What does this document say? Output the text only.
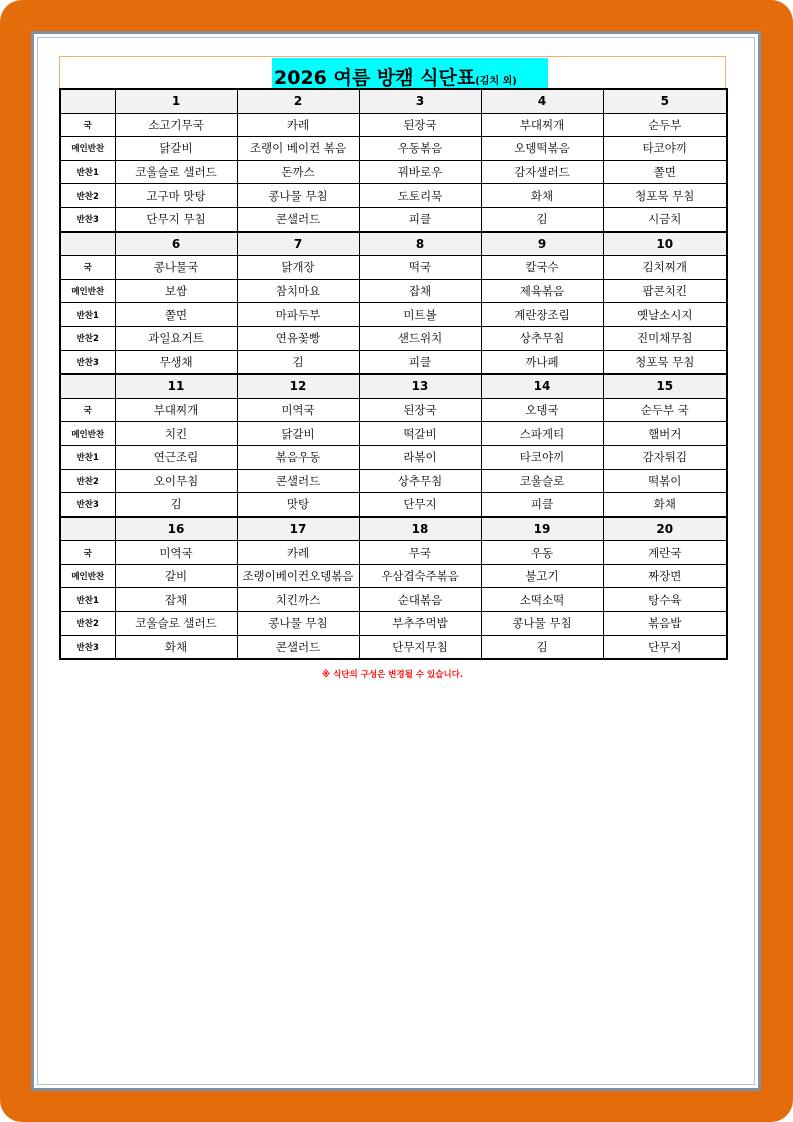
2026 여름 방캠 식단표(김치 외)
	1	2	3	4	5
국	소고기무국	카레	된장국	부대찌개	순두부
메인반찬	닭갈비	조랭이 베이컨 볶음	우동볶음	오뎅떡볶음	타코야끼
반찬1	코울슬로 샐러드	돈까스	꿔바로우	감자샐러드	쫄면
반찬2	고구마 맛탕	콩나물 무침	도토리묵	화채	청포묵 무침
반찬3	단무지 무침	콘샐러드	피클	김	시금치
	6	7	8	9	10
국	콩나물국	닭개장	떡국	칼국수	김치찌개
메인반찬	보쌈	참치마요	잡채	제육볶음	팝콘치킨
반찬1	쫄면	마파두부	미트볼	계란장조림	옛날소시지
반찬2	과일요거트	연유꽃빵	샌드위치	상추무침	진미채무침
반찬3	무생채	김	피클	까나페	청포묵 무침
	11	12	13	14	15
국	부대찌개	미역국	된장국	오뎅국	순두부 국
메인반찬	치킨	닭갈비	떡갈비	스파게티	햄버거
반찬1	연근조림	볶음우동	라볶이	타코야끼	감자튀김
반찬2	오이무침	콘샐러드	상추무침	코울슬로	떡볶이
반찬3	김	맛탕	단무지	피클	화채
	16	17	18	19	20
국	미역국	카레	무국	우동	계란국
메인반찬	갈비	조랭이베이컨오뎅볶음	우삼겹숙주볶음	불고기	짜장면
반찬1	잡채	치킨까스	순대볶음	소떡소떡	탕수육
반찬2	코울슬로 샐러드	콩나물 무침	부추주먹밥	콩나물 무침	볶음밥
반찬3	화채	콘샐러드	단무지무침	김	단무지
※ 식단의 구성은 변경될 수 있습니다.
